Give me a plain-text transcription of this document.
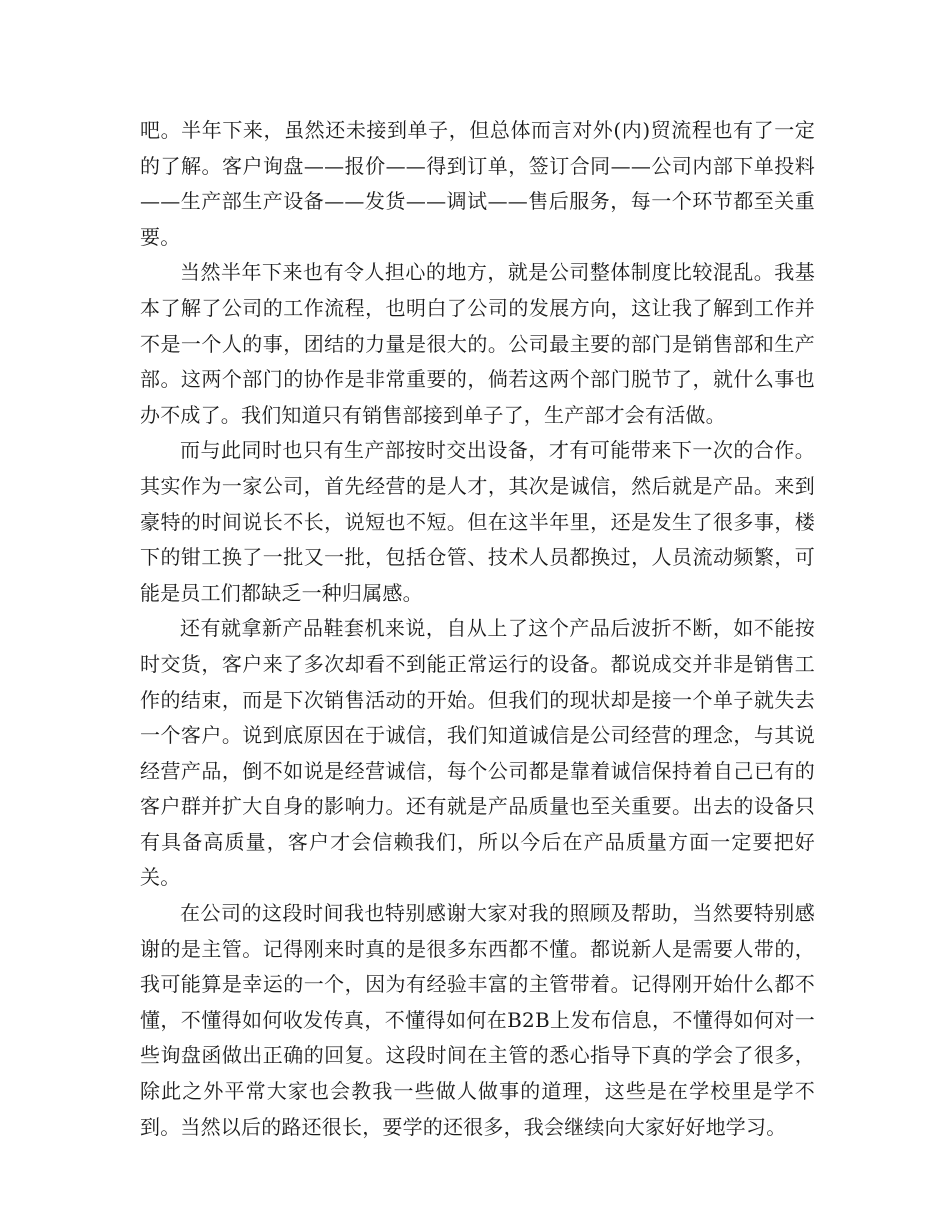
吧。半年下来，虽然还未接到单子，但总体而言对外(内)贸流程也有了一定的了解。客户询盘——报价——得到订单，签订合同——公司内部下单投料——生产部生产设备——发货——调试——售后服务，每一个环节都至关重要。

当然半年下来也有令人担心的地方，就是公司整体制度比较混乱。我基本了解了公司的工作流程，也明白了公司的发展方向，这让我了解到工作并不是一个人的事，团结的力量是很大的。公司最主要的部门是销售部和生产部。这两个部门的协作是非常重要的，倘若这两个部门脱节了，就什么事也办不成了。我们知道只有销售部接到单子了，生产部才会有活做。

而与此同时也只有生产部按时交出设备，才有可能带来下一次的合作。其实作为一家公司，首先经营的是人才，其次是诚信，然后就是产品。来到豪特的时间说长不长，说短也不短。但在这半年里，还是发生了很多事，楼下的钳工换了一批又一批，包括仓管、技术人员都换过，人员流动频繁，可能是员工们都缺乏一种归属感。

还有就拿新产品鞋套机来说，自从上了这个产品后波折不断，如不能按时交货，客户来了多次却看不到能正常运行的设备。都说成交并非是销售工作的结束，而是下次销售活动的开始。但我们的现状却是接一个单子就失去一个客户。说到底原因在于诚信，我们知道诚信是公司经营的理念，与其说经营产品，倒不如说是经营诚信，每个公司都是靠着诚信保持着自己已有的客户群并扩大自身的影响力。还有就是产品质量也至关重要。出去的设备只有具备高质量，客户才会信赖我们，所以今后在产品质量方面一定要把好关。

在公司的这段时间我也特别感谢大家对我的照顾及帮助，当然要特别感谢的是主管。记得刚来时真的是很多东西都不懂。都说新人是需要人带的，我可能算是幸运的一个，因为有经验丰富的主管带着。记得刚开始什么都不懂，不懂得如何收发传真，不懂得如何在B2B上发布信息，不懂得如何对一些询盘函做出正确的回复。这段时间在主管的悉心指导下真的学会了很多，除此之外平常大家也会教我一些做人做事的道理，这些是在学校里是学不到。当然以后的路还很长，要学的还很多，我会继续向大家好好地学习。
